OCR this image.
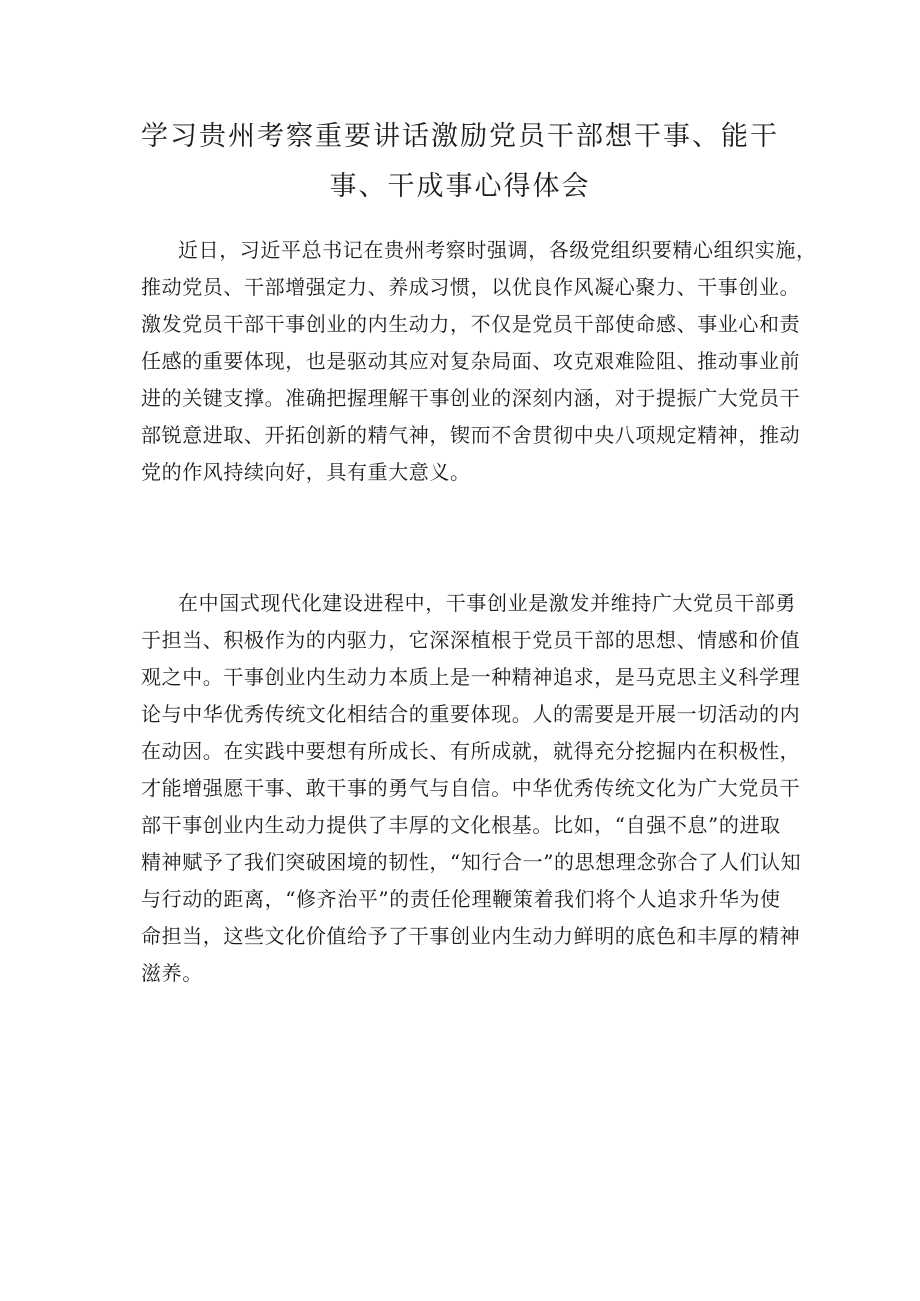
学习贵州考察重要讲话激励党员干部想干事、能干
事、干成事心得体会
近日，习近平总书记在贵州考察时强调，各级党组织要精心组织实施，
推动党员、干部增强定力、养成习惯，以优良作风凝心聚力、干事创业。
激发党员干部干事创业的内生动力，不仅是党员干部使命感、事业心和责
任感的重要体现，也是驱动其应对复杂局面、攻克艰难险阻、推动事业前
进的关键支撑。准确把握理解干事创业的深刻内涵，对于提振广大党员干
部锐意进取、开拓创新的精气神，锲而不舍贯彻中央八项规定精神，推动
党的作风持续向好，具有重大意义。
在中国式现代化建设进程中，干事创业是激发并维持广大党员干部勇
于担当、积极作为的内驱力，它深深植根于党员干部的思想、情感和价值
观之中。干事创业内生动力本质上是一种精神追求，是马克思主义科学理
论与中华优秀传统文化相结合的重要体现。人的需要是开展一切活动的内
在动因。在实践中要想有所成长、有所成就，就得充分挖掘内在积极性，
才能增强愿干事、敢干事的勇气与自信。中华优秀传统文化为广大党员干
部干事创业内生动力提供了丰厚的文化根基。比如，“自强不息”的进取
精神赋予了我们突破困境的韧性，“知行合一”的思想理念弥合了人们认知
与行动的距离，“修齐治平”的责任伦理鞭策着我们将个人追求升华为使
命担当，这些文化价值给予了干事创业内生动力鲜明的底色和丰厚的精神
滋养。
